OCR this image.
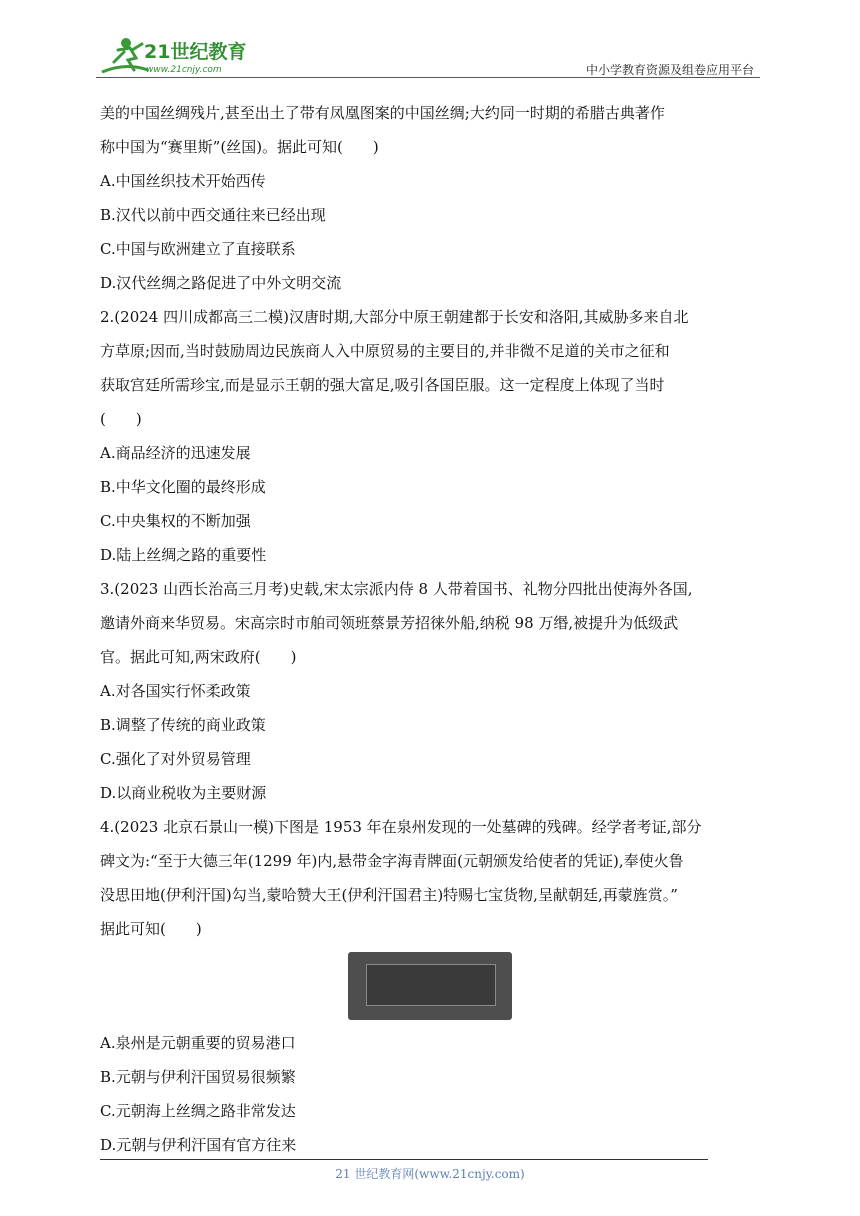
21世纪教育
www.21cnjy.com	中小学教育资源及组卷应用平台

美的中国丝绸残片,甚至出土了带有凤凰图案的中国丝绸;大约同一时期的希腊古典著作

称中国为“赛里斯”(丝国)。据此可知(　　)

A.中国丝织技术开始西传

B.汉代以前中西交通往来已经出现

C.中国与欧洲建立了直接联系

D.汉代丝绸之路促进了中外文明交流

2.(2024 四川成都高三二模)汉唐时期,大部分中原王朝建都于长安和洛阳,其威胁多来自北

方草原;因而,当时鼓励周边民族商人入中原贸易的主要目的,并非微不足道的关市之征和

获取宫廷所需珍宝,而是显示王朝的强大富足,吸引各国臣服。这一定程度上体现了当时

(　　)

A.商品经济的迅速发展

B.中华文化圈的最终形成

C.中央集权的不断加强

D.陆上丝绸之路的重要性

3.(2023 山西长治高三月考)史载,宋太宗派内侍 8 人带着国书、礼物分四批出使海外各国,

邀请外商来华贸易。宋高宗时市舶司领班蔡景芳招徕外船,纳税 98 万缗,被提升为低级武

官。据此可知,两宋政府(　　)

A.对各国实行怀柔政策

B.调整了传统的商业政策

C.强化了对外贸易管理

D.以商业税收为主要财源

4.(2023 北京石景山一模)下图是 1953 年在泉州发现的一处墓碑的残碑。经学者考证,部分

碑文为:“至于大德三年(1299 年)内,悬带金字海青牌面(元朝颁发给使者的凭证),奉使火鲁

没思田地(伊利汗国)勾当,蒙哈赞大王(伊利汗国君主)特赐七宝货物,呈献朝廷,再蒙旌赏。”

据此可知(　　)

A.泉州是元朝重要的贸易港口

B.元朝与伊利汗国贸易很频繁

C.元朝海上丝绸之路非常发达

D.元朝与伊利汗国有官方往来

21 世纪教育网(www.21cnjy.com)
